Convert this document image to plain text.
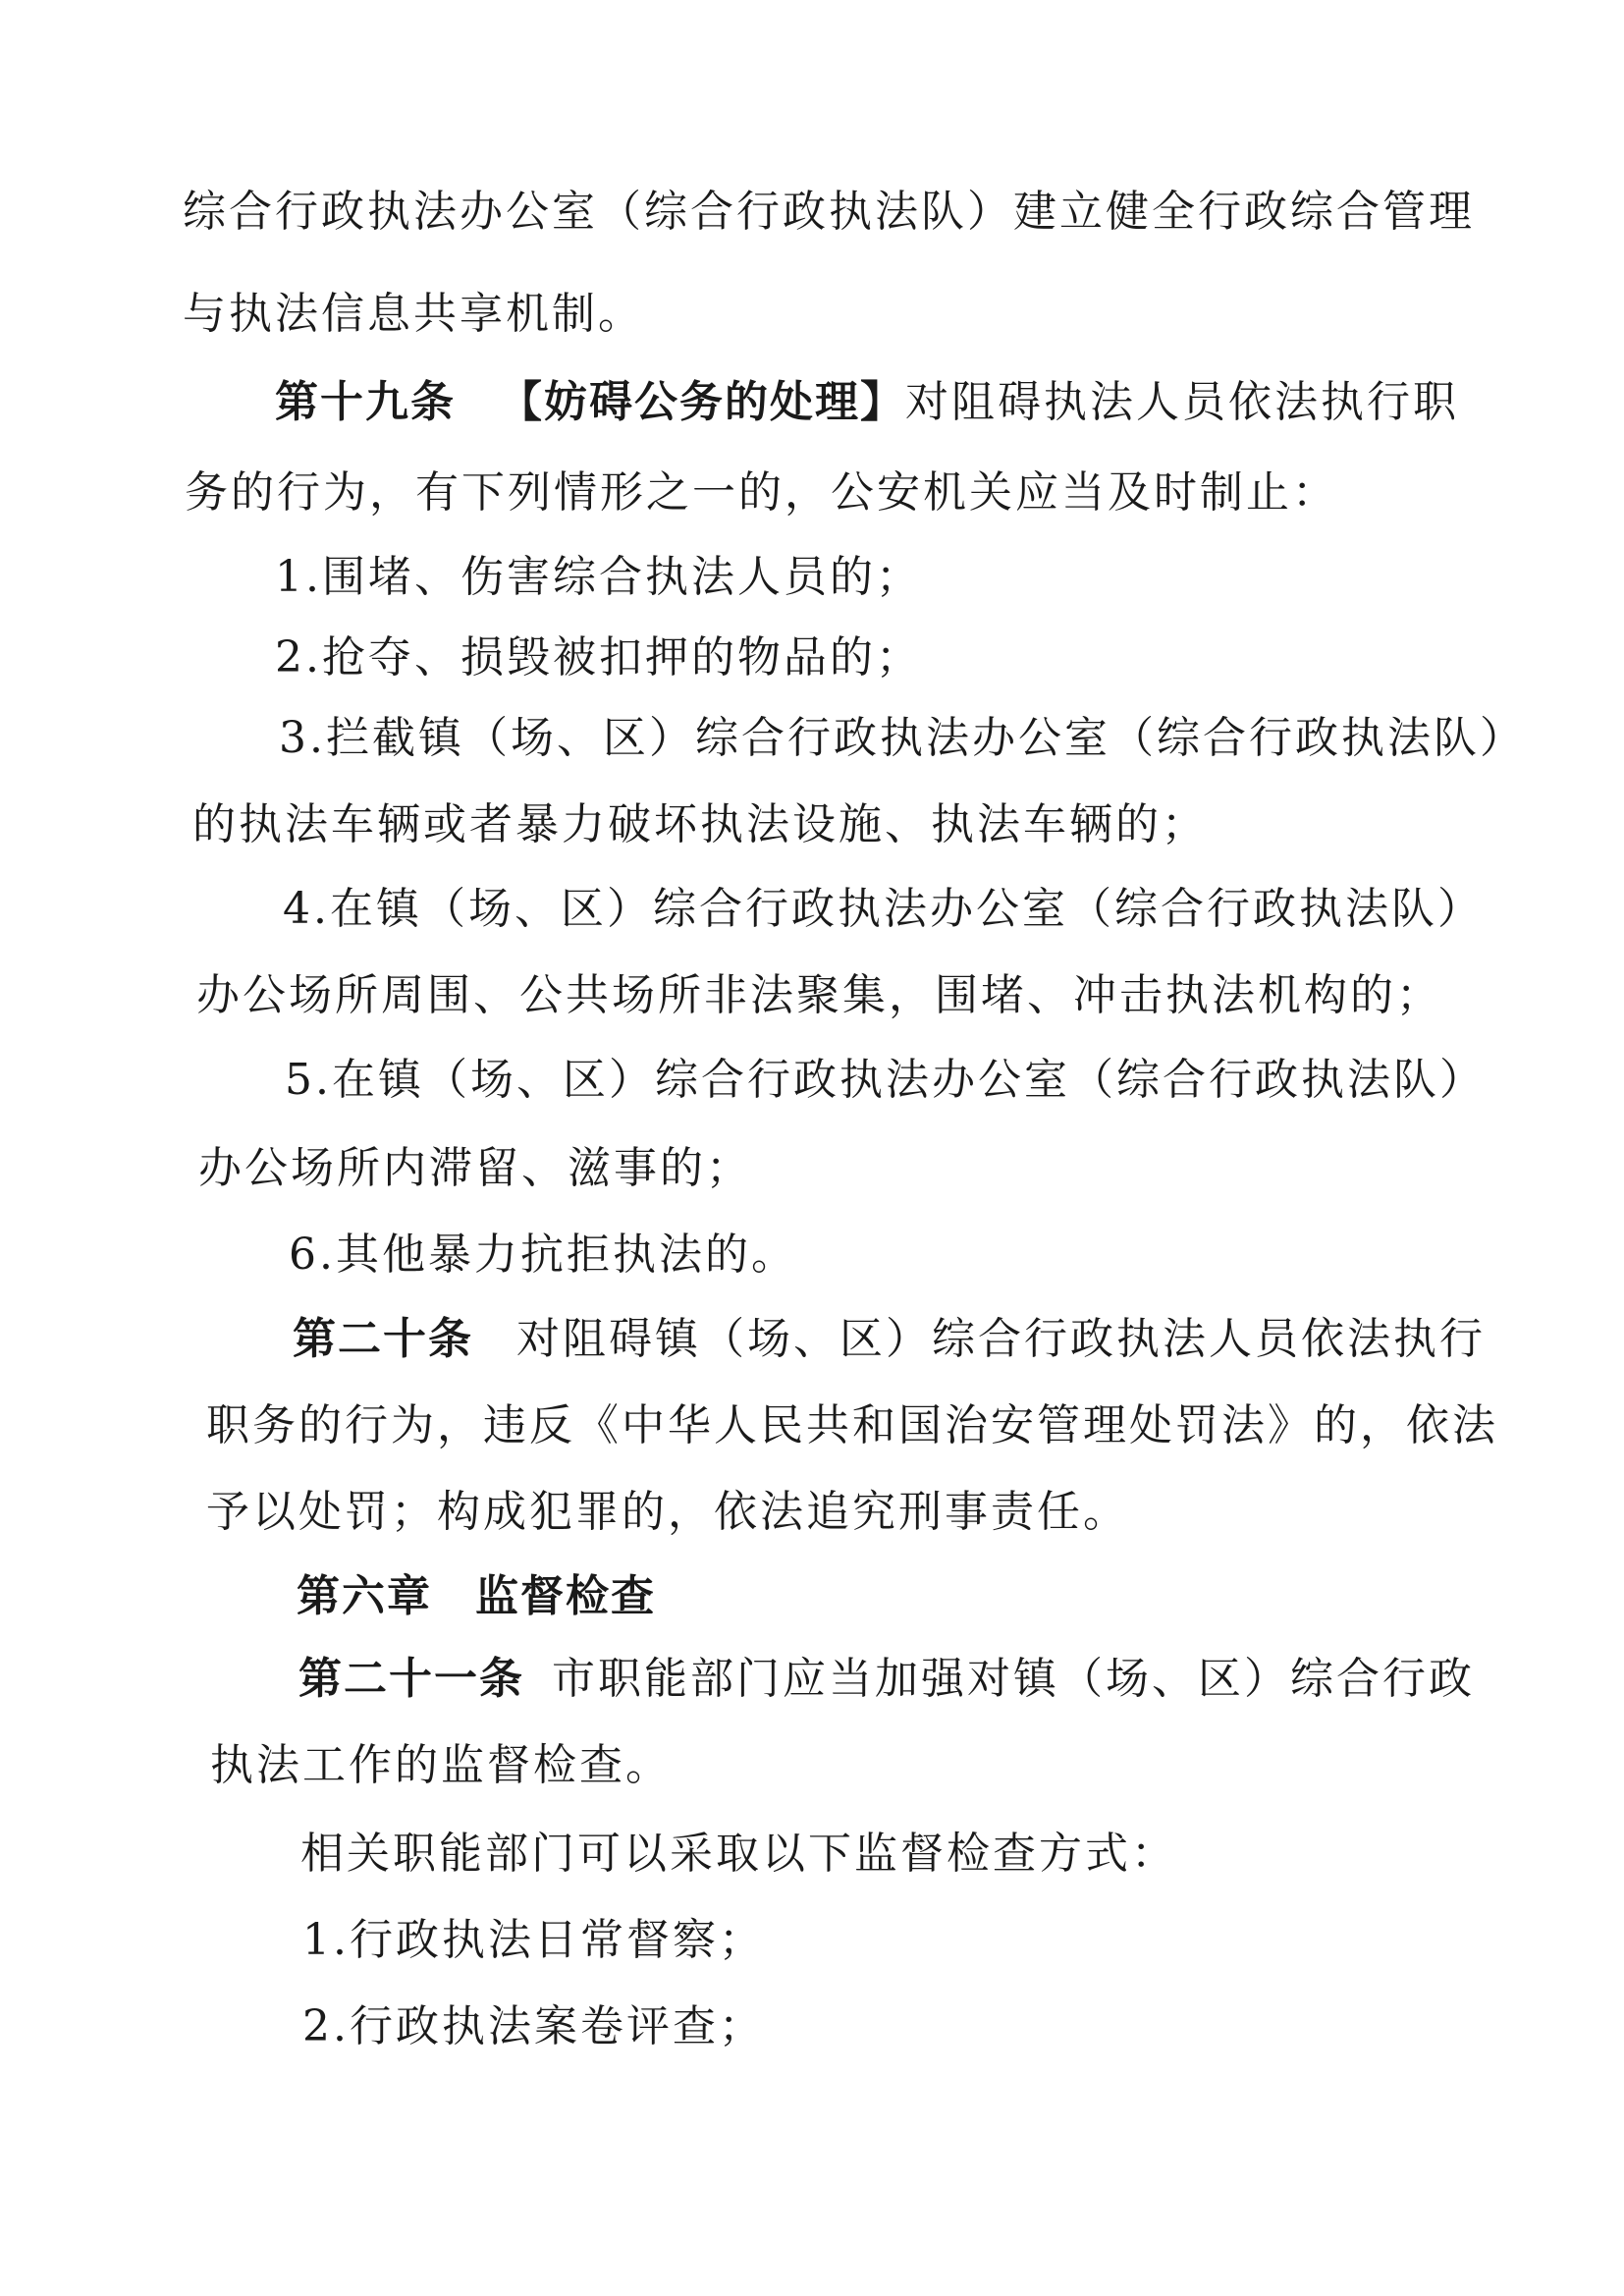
综合行政执法办公室（综合行政执法队）建立健全行政综合管理
与执法信息共享机制。
第十九条 【妨碍公务的处理】对阻碍执法人员依法执行职
务的行为，有下列情形之一的，公安机关应当及时制止：
1.围堵、伤害综合执法人员的；
2.抢夺、损毁被扣押的物品的；
3.拦截镇（场、区）综合行政执法办公室（综合行政执法队）
的执法车辆或者暴力破坏执法设施、执法车辆的；
4.在镇（场、区）综合行政执法办公室（综合行政执法队）
办公场所周围、公共场所非法聚集，围堵、冲击执法机构的；
5.在镇（场、区）综合行政执法办公室（综合行政执法队）
办公场所内滞留、滋事的；
6.其他暴力抗拒执法的。
第二十条 对阻碍镇（场、区）综合行政执法人员依法执行
职务的行为，违反《中华人民共和国治安管理处罚法》的，依法
予以处罚；构成犯罪的，依法追究刑事责任。
第六章 监督检查
第二十一条 市职能部门应当加强对镇（场、区）综合行政
执法工作的监督检查。
相关职能部门可以采取以下监督检查方式：
1.行政执法日常督察；
2.行政执法案卷评查；
